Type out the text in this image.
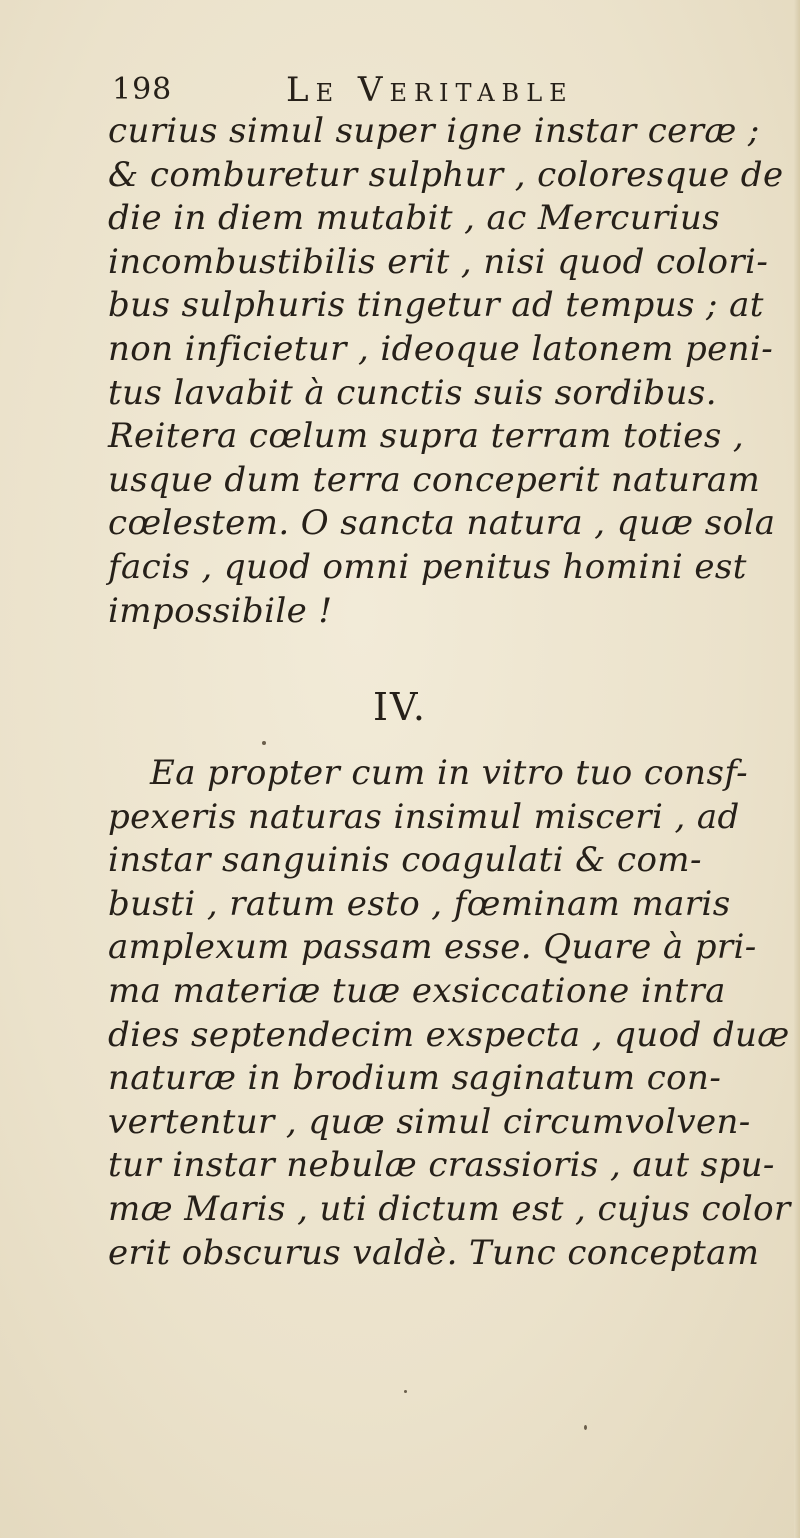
198	Le Veritable
curius simul super igne instar ceræ ;
& comburetur sulphur , coloresque de
die in diem mutabit , ac Mercurius
incombustibilis erit , nisi quod colori-
bus sulphuris tingetur ad tempus ; at
non inficietur , ideoque latonem peni-
tus lavabit à cunctis suis sordibus.
Reitera cœlum supra terram toties ,
usque dum terra conceperit naturam
cœlestem. O sancta natura , quæ sola
facis , quod omni penitus homini est
impossibile !
IV.
Ea propter cum in vitro tuo consf-
pexeris naturas insimul misceri , ad
instar sanguinis coagulati & com-
busti , ratum esto , fœminam maris
amplexum passam esse. Quare à pri-
ma materiæ tuæ exsiccatione intra
dies septendecim exspecta , quod duæ
naturæ in brodium saginatum con-
vertentur , quæ simul circumvolven-
tur instar nebulæ crassioris , aut spu-
mæ Maris , uti dictum est , cujus color
erit obscurus valdè. Tunc conceptam
